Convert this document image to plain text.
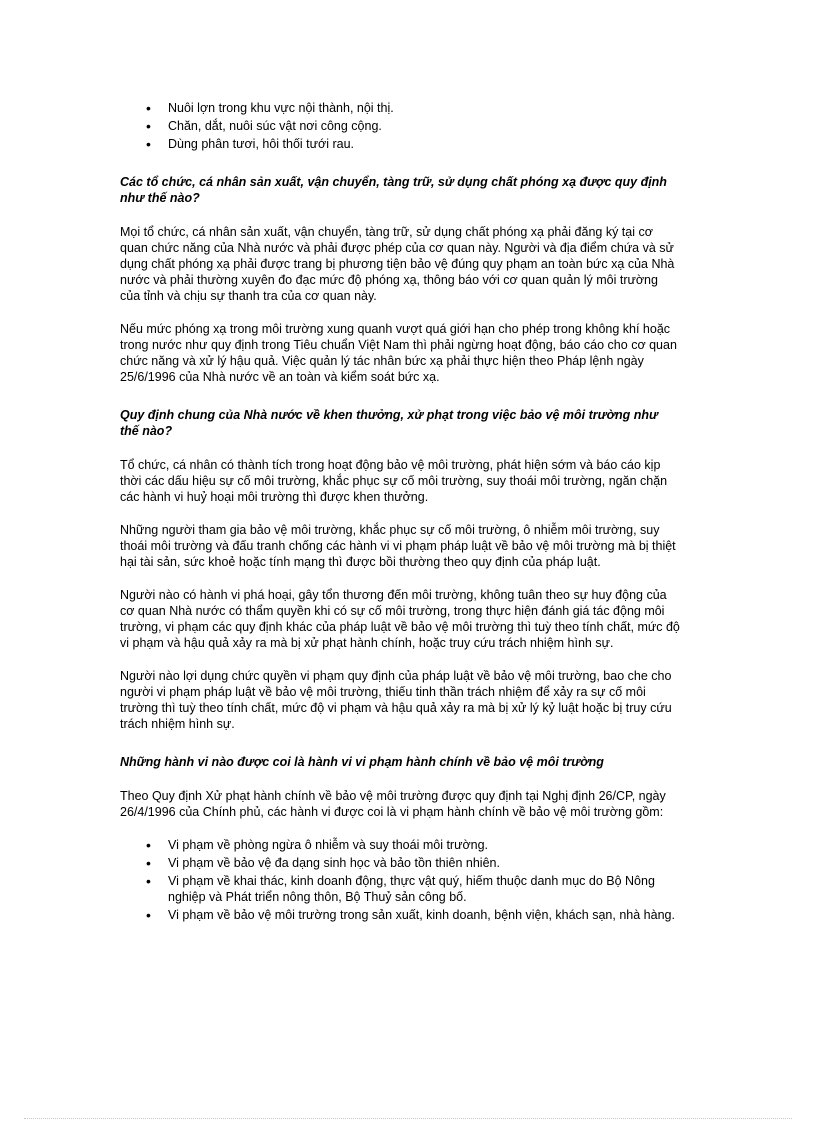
• Nuôi lợn trong khu vực nội thành, nội thị.
• Chăn, dắt, nuôi súc vật nơi công cộng.
• Dùng phân tươi, hôi thối tưới rau.
Các tổ chức, cá nhân sản xuất, vận chuyển, tàng trữ, sử dụng chất phóng xạ được quy định như thế nào?

Mọi tổ chức, cá nhân sản xuất, vận chuyển, tàng trữ, sử dụng chất phóng xạ phải đăng ký tại cơ quan chức năng của Nhà nước và phải được phép của cơ quan này. Người và địa điểm chứa và sử dụng chất phóng xạ phải được trang bị phương tiện bảo vệ đúng quy phạm an toàn bức xạ của Nhà nước và phải thường xuyên đo đạc mức độ phóng xạ, thông báo với cơ quan quản lý môi trường của tỉnh và chịu sự thanh tra của cơ quan này.

Nếu mức phóng xạ trong môi trường xung quanh vượt quá giới hạn cho phép trong không khí hoặc trong nước như quy định trong Tiêu chuẩn Việt Nam thì phải ngừng hoạt động, báo cáo cho cơ quan chức năng và xử lý hậu quả. Việc quản lý tác nhân bức xạ phải thực hiện theo Pháp lệnh ngày 25/6/1996 của Nhà nước về an toàn và kiểm soát bức xạ.

Quy định chung của Nhà nước về khen thưởng, xử phạt trong việc bảo vệ môi trường như thế nào?

Tổ chức, cá nhân có thành tích trong hoạt động bảo vệ môi trường, phát hiện sớm và báo cáo kịp thời các dấu hiệu sự cố môi trường, khắc phục sự cố môi trường, suy thoái môi trường, ngăn chặn các hành vi huỷ hoại môi trường thì được khen thưởng.

Những người tham gia bảo vệ môi trường, khắc phục sự cố môi trường, ô nhiễm môi trường, suy thoái môi trường và đấu tranh chống các hành vi vi phạm pháp luật về bảo vệ môi trường mà bị thiệt hại tài sản, sức khoẻ hoặc tính mạng thì được bồi thường theo quy định của pháp luật.

Người nào có hành vi phá hoại, gây tổn thương đến môi trường, không tuân theo sự huy động của cơ quan Nhà nước có thẩm quyền khi có sự cố môi trường, trong thực hiện đánh giá tác động môi trường, vi phạm các quy định khác của pháp luật về bảo vệ môi trường thì tuỳ theo tính chất, mức độ vi phạm và hậu quả xảy ra mà bị xử phạt hành chính, hoặc truy cứu trách nhiệm hình sự.

Người nào lợi dụng chức quyền vi phạm quy định của pháp luật về bảo vệ môi trường, bao che cho người vi phạm pháp luật về bảo vệ môi trường, thiếu tinh thần trách nhiệm để xảy ra sự cố môi trường thì tuỳ theo tính chất, mức độ vi phạm và hậu quả xảy ra mà bị xử lý kỷ luật hoặc bị truy cứu trách nhiệm hình sự.

Những hành vi nào được coi là hành vi vi phạm hành chính về bảo vệ môi trường

Theo Quy định Xử phạt hành chính về bảo vệ môi trường được quy định tại Nghị định 26/CP, ngày 26/4/1996 của Chính phủ, các hành vi được coi là vi phạm hành chính về bảo vệ môi trường gồm:

• Vi phạm về phòng ngừa ô nhiễm và suy thoái môi trường.
• Vi phạm về bảo vệ đa dạng sinh học và bảo tồn thiên nhiên.
• Vi phạm về khai thác, kinh doanh động, thực vật quý, hiếm thuộc danh mục do Bộ Nông nghiệp và Phát triển nông thôn, Bộ Thuỷ sản công bố.
• Vi phạm về bảo vệ môi trường trong sản xuất, kinh doanh, bệnh viện, khách sạn, nhà hàng.
